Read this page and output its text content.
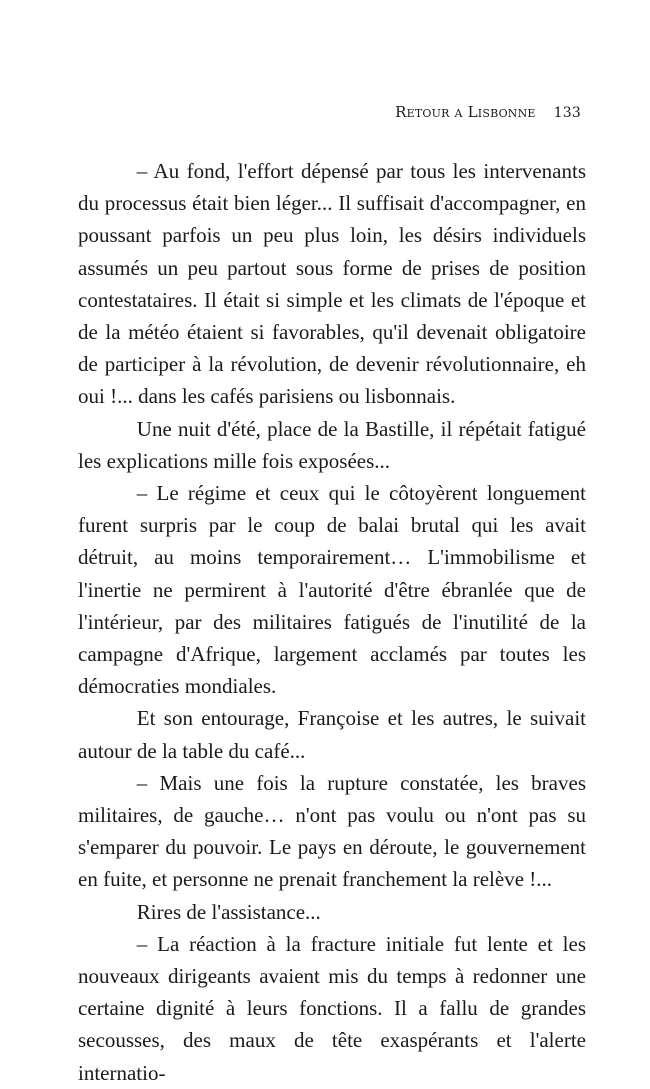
Retour a Lisbonne 133

– Au fond, l'effort dépensé par tous les intervenants du processus était bien léger... Il suffisait d'accompagner, en poussant parfois un peu plus loin, les désirs individuels assumés un peu partout sous forme de prises de position contestataires. Il était si simple et les climats de l'époque et de la météo étaient si favorables, qu'il devenait obligatoire de participer à la révolution, de devenir révolutionnaire, eh oui !... dans les cafés parisiens ou lisbonnais.

Une nuit d'été, place de la Bastille, il répétait fatigué les explications mille fois exposées...

– Le régime et ceux qui le côtoyèrent longuement furent surpris par le coup de balai brutal qui les avait détruit, au moins temporairement… L'immobilisme et l'inertie ne permirent à l'autorité d'être ébranlée que de l'intérieur, par des militaires fatigués de l'inutilité de la campagne d'Afrique, largement acclamés par toutes les démocraties mondiales.

Et son entourage, Françoise et les autres, le suivait autour de la table du café...

– Mais une fois la rupture constatée, les braves militaires, de gauche… n'ont pas voulu ou n'ont pas su s'emparer du pouvoir. Le pays en déroute, le gouvernement en fuite, et personne ne prenait franchement la relève !...

Rires de l'assistance...

– La réaction à la fracture initiale fut lente et les nouveaux dirigeants avaient mis du temps à redonner une certaine dignité à leurs fonctions. Il a fallu de grandes secousses, des maux de tête exaspérants et l'alerte internatio-
